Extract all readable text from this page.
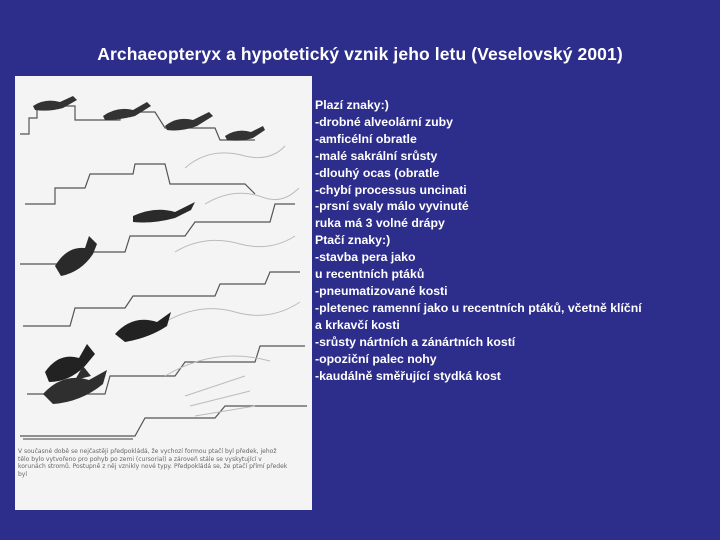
Archaeopteryx a hypotetický vznik jeho letu (Veselovský 2001)
V současné době se nejčastěji předpokládá, že vychozí formou ptačí byl předek, jehož tělo bylo vytvořeno pro pohyb po zemi (cursorial) a zároveň stále se vyskytující v korunách stromů. Postupně z něj vznikly nové typy. Předpokládá se, že ptačí přímí předek byl
Plazí znaky:)
-drobné alveolární zuby
-amficélní obratle
-malé sakrální srůsty
-dlouhý ocas (obratle
-chybí processus uncinati
-prsní svaly málo vyvinuté
ruka má 3 volné drápy
Ptačí znaky:)
-stavba pera jako
u recentních ptáků
-pneumatizované kosti
-pletenec ramenní jako u recentních ptáků, včetně klíční
a krkavčí kosti
-srůsty nártních a zánártních kostí
-opoziční palec nohy
-kaudálně směřující stydká kost
